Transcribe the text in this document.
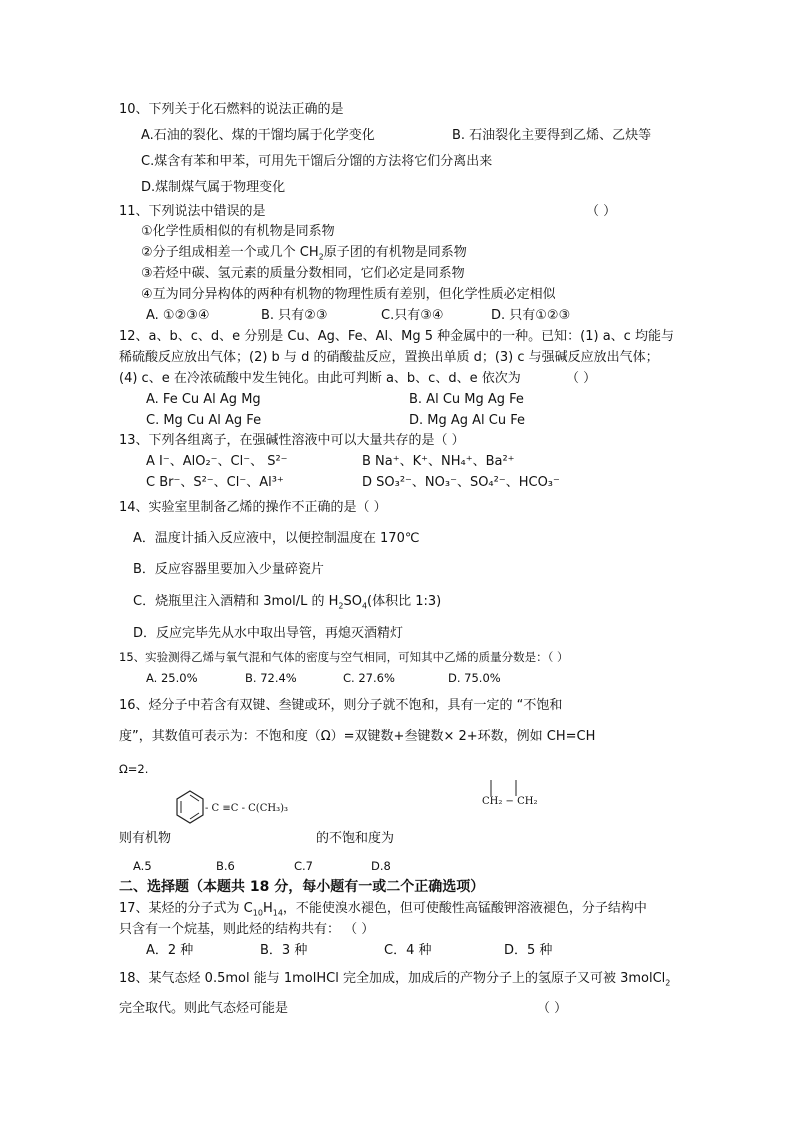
10、下列关于化石燃料的说法正确的是
A.石油的裂化、煤的干馏均属于化学变化	B. 石油裂化主要得到乙烯、乙炔等
C.煤含有苯和甲苯，可用先干馏后分馏的方法将它们分离出来
D.煤制煤气属于物理变化
11、下列说法中错误的是	（ ）
①化学性质相似的有机物是同系物
②分子组成相差一个或几个 $CH_2$原子团的有机物是同系物
③若烃中碳、氢元素的质量分数相同，它们必定是同系物
④互为同分异构体的两种有机物的物理性质有差别，但化学性质必定相似
A. ①②③④	B. 只有②③	C.只有③④	D. 只有①②③
12、a、b、c、d、e 分别是 Cu、Ag、Fe、Al、Mg 5 种金属中的一种。已知：(1) a、c 均能与
稀硫酸反应放出气体；(2) b 与 d 的硝酸盐反应，置换出单质 d；(3) c 与强碱反应放出气体；
(4) c、e 在冷浓硫酸中发生钝化。由此可判断 a、b、c、d、e 依次为	（ ）
A. Fe Cu Al Ag Mg	B. Al Cu Mg Ag Fe
C. Mg Cu Al Ag Fe	D. Mg Ag Al Cu Fe
13、下列各组离子，在强碱性溶液中可以大量共存的是（ ）
A I⁻、AlO₂⁻、Cl⁻、 S²⁻	B Na⁺、K⁺、NH₄⁺、Ba²⁺
C Br⁻、S²⁻、Cl⁻、Al³⁺	D SO₃²⁻、NO₃⁻、SO₄²⁻、HCO₃⁻
14、实验室里制备乙烯的操作不正确的是（ ）
A．温度计插入反应液中，以便控制温度在 170℃
B．反应容器里要加入少量碎瓷片
C．烧瓶里注入酒精和 3mol/L 的 $H_2SO_4$(体积比 1:3)
D．反应完毕先从水中取出导管，再熄灭酒精灯
15、实验测得乙烯与氧气混和气体的密度与空气相同，可知其中乙烯的质量分数是：（ ）
A. 25.0%	B. 72.4%	C. 27.6%	D. 75.0%
16、烃分子中若含有双键、叁键或环，则分子就不饱和，具有一定的 “不饱和
度”，其数值可表示为：不饱和度（Ω）=双键数+叁键数× 2+环数，例如 CH=CH
Ω=2.
CH₂ − CH₂
- C ≡C - C(CH₃)₃
则有机物	的不饱和度为
A.5	B.6	C.7	D.8
二、选择题（本题共 18 分，每小题有一或二个正确选项）
17、某烃的分子式为 $C_{10}H_{14}$，不能使溴水褪色，但可使酸性高锰酸钾溶液褪色，分子结构中
只含有一个烷基，则此烃的结构共有： （ ）
A．2 种	B．3 种	C．4 种	D．5 种
18、某气态烃 0.5mol 能与 1molHCl 完全加成，加成后的产物分子上的氢原子又可被 3molCl$_2$
完全取代。则此气态烃可能是	（ ）
